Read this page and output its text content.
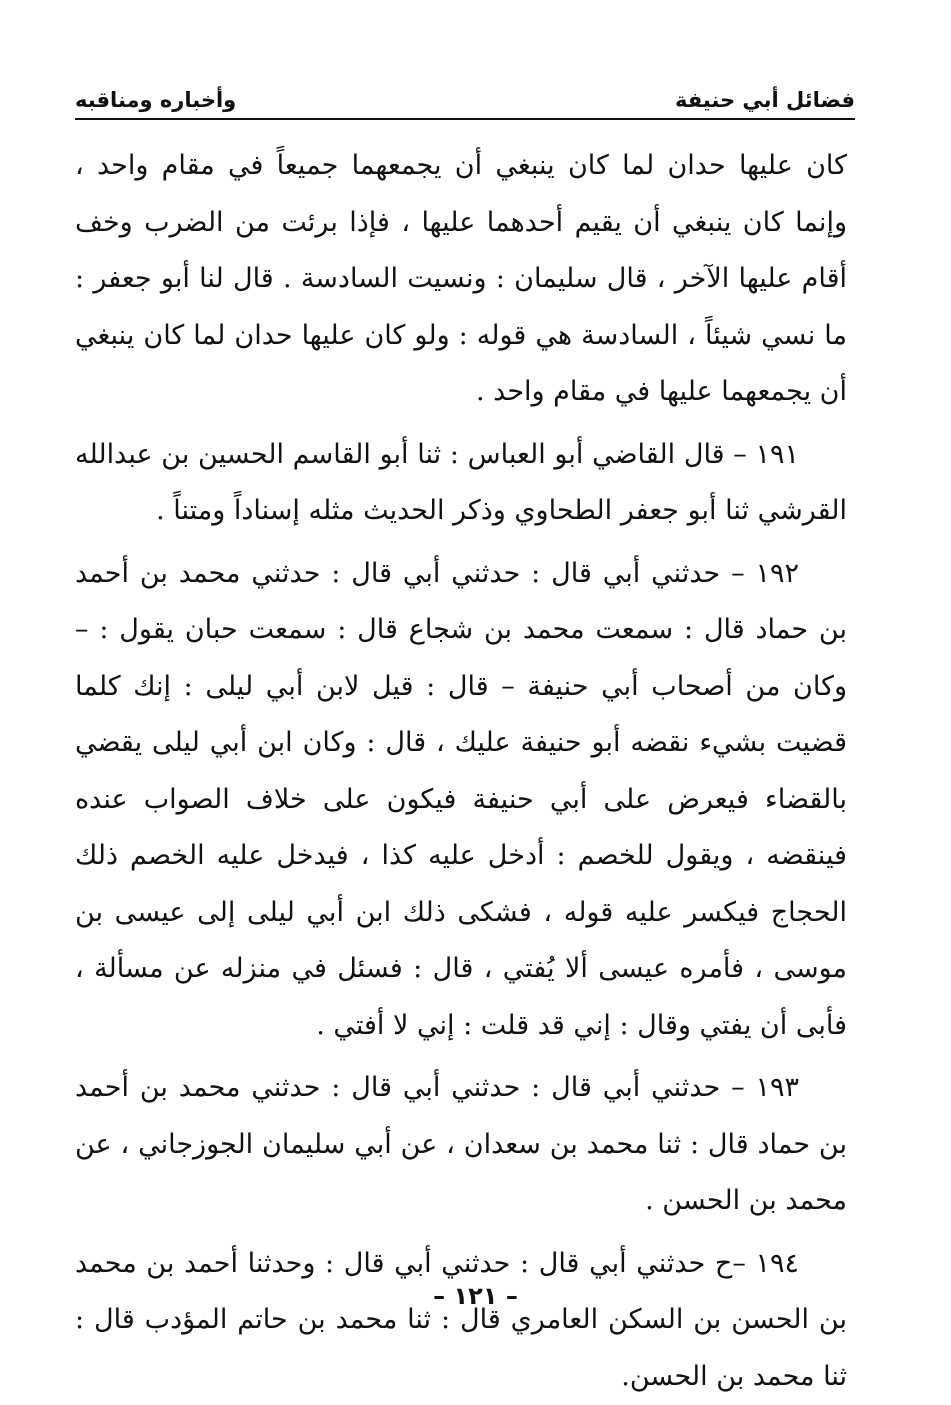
فضائل أبي حنيفة
وأخباره ومناقبه

كان عليها حدان لما كان ينبغي أن يجمعهما جميعاً في مقام واحد ، وإنما كان ينبغي أن يقيم أحدهما عليها ، فإذا برئت من الضرب وخف أقام عليها الآخر ، قال سليمان : ونسيت السادسة . قال لنا أبو جعفر : ما نسي شيئاً ، السادسة هي قوله : ولو كان عليها حدان لما كان ينبغي أن يجمعهما عليها في مقام واحد .

١٩١ – قال القاضي أبو العباس : ثنا أبو القاسم الحسين بن عبدالله القرشي ثنا أبو جعفر الطحاوي وذكر الحديث مثله إسناداً ومتناً .

١٩٢ – حدثني أبي قال : حدثني أبي قال : حدثني محمد بن أحمد بن حماد قال : سمعت محمد بن شجاع قال : سمعت حبان يقول : – وكان من أصحاب أبي حنيفة – قال : قيل لابن أبي ليلى : إنك كلما قضيت بشيء نقضه أبو حنيفة عليك ، قال : وكان ابن أبي ليلى يقضي بالقضاء فيعرض على أبي حنيفة فيكون على خلاف الصواب عنده فينقضه ، ويقول للخصم : أدخل عليه كذا ، فيدخل عليه الخصم ذلك الحجاج فيكسر عليه قوله ، فشكى ذلك ابن أبي ليلى إلى عيسى بن موسى ، فأمره عيسى ألا يُفتي ، قال : فسئل في منزله عن مسألة ، فأبى أن يفتي وقال : إني قد قلت : إني لا أفتي .

١٩٣ – حدثني أبي قال : حدثني أبي قال : حدثني محمد بن أحمد بن حماد قال : ثنا محمد بن سعدان ، عن أبي سليمان الجوزجاني ، عن محمد بن الحسن .

١٩٤ –ح حدثني أبي قال : حدثني أبي قال : وحدثنا أحمد بن محمد بن الحسن بن السكن العامري قال : ثنا محمد بن حاتم المؤدب قال : ثنا محمد بن الحسن.

– ١٢١ –
